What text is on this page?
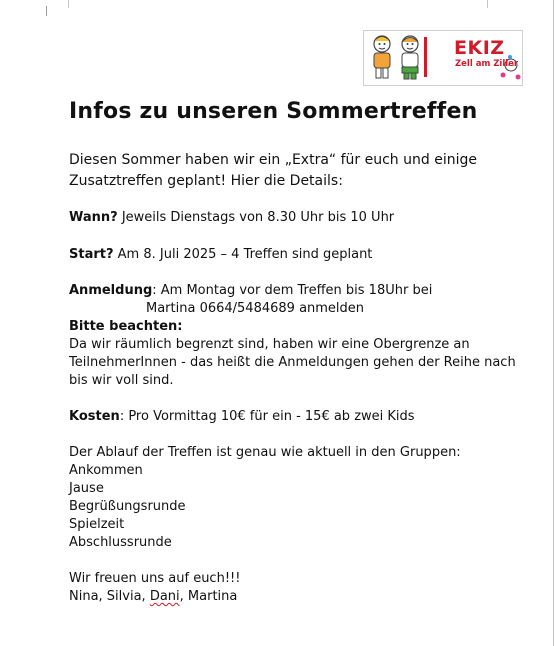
EKIZ
Zell am Ziller
Infos zu unseren Sommertreffen
Diesen Sommer haben wir ein „Extra“ für euch und einige
Zusatztreffen geplant! Hier die Details:
Wann? Jeweils Dienstags von 8.30 Uhr bis 10 Uhr
Start? Am 8. Juli 2025 – 4 Treffen sind geplant
Anmeldung: Am Montag vor dem Treffen bis 18Uhr bei
Martina 0664/5484689 anmelden
Bitte beachten:
Da wir räumlich begrenzt sind, haben wir eine Obergrenze an
TeilnehmerInnen - das heißt die Anmeldungen gehen der Reihe nach
bis wir voll sind.
Kosten: Pro Vormittag 10€ für ein - 15€ ab zwei Kids
Der Ablauf der Treffen ist genau wie aktuell in den Gruppen:
Ankommen
Jause
Begrüßungsrunde
Spielzeit
Abschlussrunde
Wir freuen uns auf euch!!!
Nina, Silvia, Dani, Martina
